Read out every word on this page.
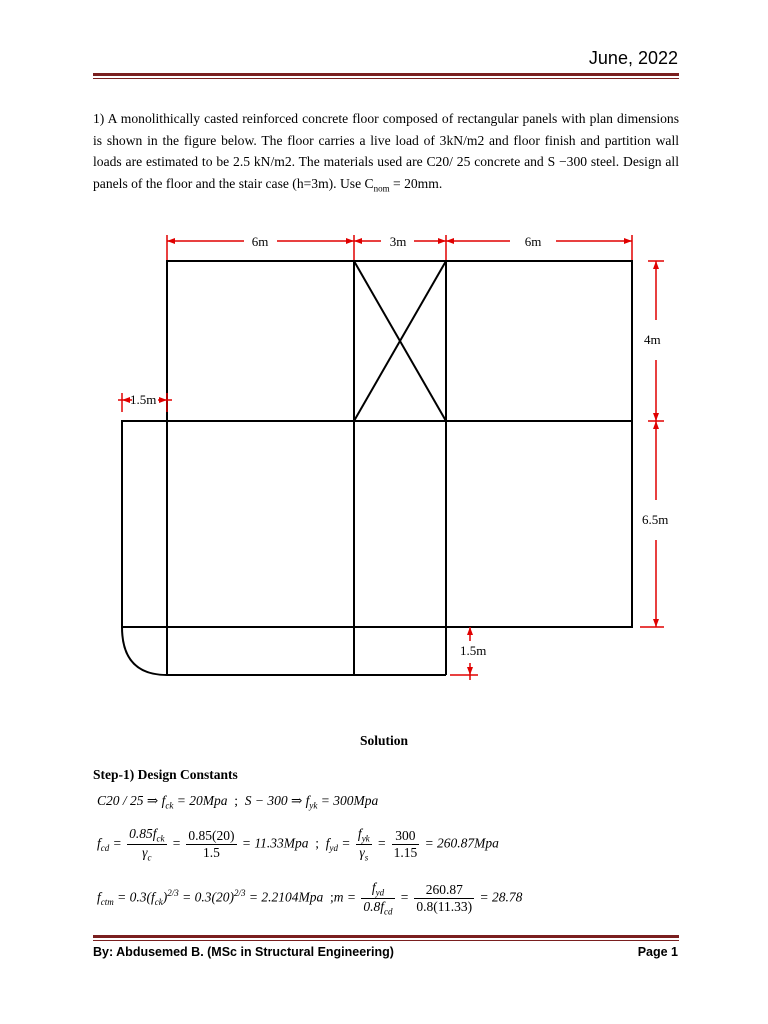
June, 2022
1) A monolithically casted reinforced concrete floor composed of rectangular panels with plan dimensions is shown in the figure below. The floor carries a live load of 3kN/m2 and floor finish and partition wall loads are estimated to be 2.5 kN/m2. The materials used are C20/ 25 concrete and S −300 steel. Design all panels of the floor and the stair case (h=3m). Use $C_{nom} = 20mm$.
6m	3m	6m
4m
6.5m
1.5m
1.5m
Solution
Step-1) Design Constants
C20 / 25 ⇒ $f_{ck} = 20Mpa$  ;  S − 300 ⇒ $f_{yk} = 300Mpa$
$f_{cd} = \frac{0.85f_{ck}}{\gamma_c} = \frac{0.85(20)}{1.5} = 11.33Mpa$  ;  $f_{yd} = \frac{f_{yk}}{\gamma_s} = \frac{300}{1.15} = 260.87Mpa$
$f_{ctm} = 0.3(f_{ck})^{2/3} = 0.3(20)^{2/3} = 2.2104Mpa$  ;m = $\frac{f_{yd}}{0.8f_{cd}} = \frac{260.87}{0.8(11.33)} = 28.78$
By: Abdusemed B. (MSc in Structural Engineering)	Page 1
